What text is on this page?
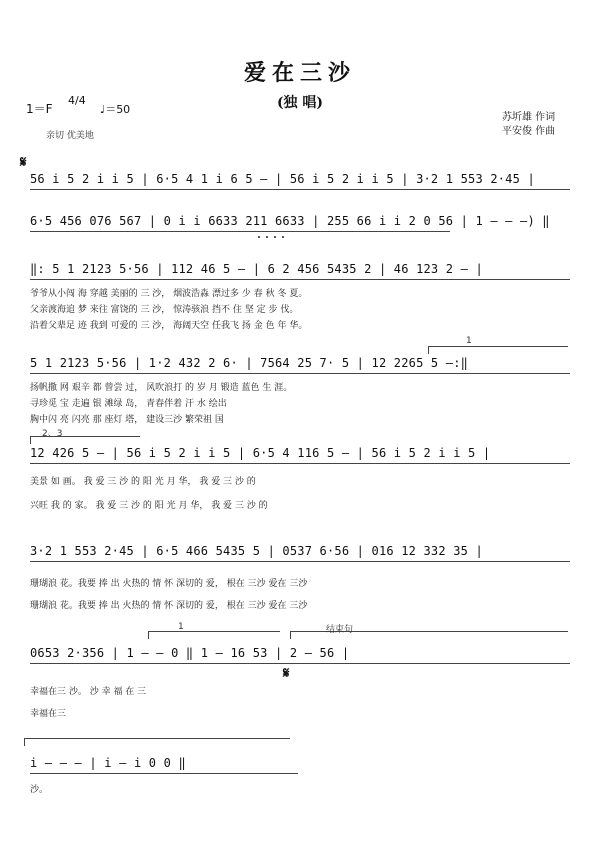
爱在三沙
(独 唱)
1＝F
4/4
♩＝50
苏圻雄 作词
平安俊 作曲
亲切 优美地
𝄋
𝄋
56 i 5 2 i i 5 | 6·5 4 1 i 6 5 — | 56 i 5 2 i i 5 | 3·2 1 553 2·45 |
6·5 456 076 567 | 0 i i 6633 211 6633 | 255 66 i i 2 0 56 | 1 — — —) ‖
‖: 5 1 2123 5·56 | 112 46 5 — | 6 2 456 5435 2 | 46 123 2 — |
爷爷从小闯 海 穿越 美丽的 三 沙， 烟波浩淼 漂过多 少 春 秋 冬 夏。
父亲渡海追 梦 来往 富饶的 三 沙， 惊涛骇浪 挡不 住 坚 定 步 伐。
沿着父辈足 迹 我到 可爱的 三 沙， 海阔天空 任我飞 扬 金 色 年 华。
1
5 1 2123 5·56 | 1·2 432 2 6· | 7564 25 7· 5 | 12 2265 5 —:‖
扬帆撒 网 艰辛 都 曾尝 过， 风吹浪打 的 岁 月 锻造 蓝色 生 涯。
寻珍觅 宝 走遍 银 滩绿 岛， 青春伴着 汗 水 绘出
胸中闪 亮 闪亮 那 座灯 塔， 建设三沙 繁荣祖 国
2、3
12 426 5 — | 56 i 5 2 i i 5 | 6·5 4 116 5 — | 56 i 5 2 i i 5 |
美景 如 画。 我 爱 三 沙 的 阳 光 月 华， 我 爱 三 沙 的
兴旺 我 的 家。 我 爱 三 沙 的 阳 光 月 华， 我 爱 三 沙 的
3·2 1 553 2·45 | 6·5 466 5435 5 | 0537 6·56 | 016 12 332 35 |
珊瑚浪 花。我要 捧 出 火热的 情 怀 深切的 爱， 根在 三沙 爱在 三沙
珊瑚浪 花。我要 捧 出 火热的 情 怀 深切的 爱， 根在 三沙 爱在 三沙
1	结束句
0653 2·356 | 1 — — 0 ‖ 1 — 16 53 | 2 — 56 |
幸福在三 沙。 沙 幸 福 在 三
幸福在三
i — — — | i — i 0 0 ‖
沙。
